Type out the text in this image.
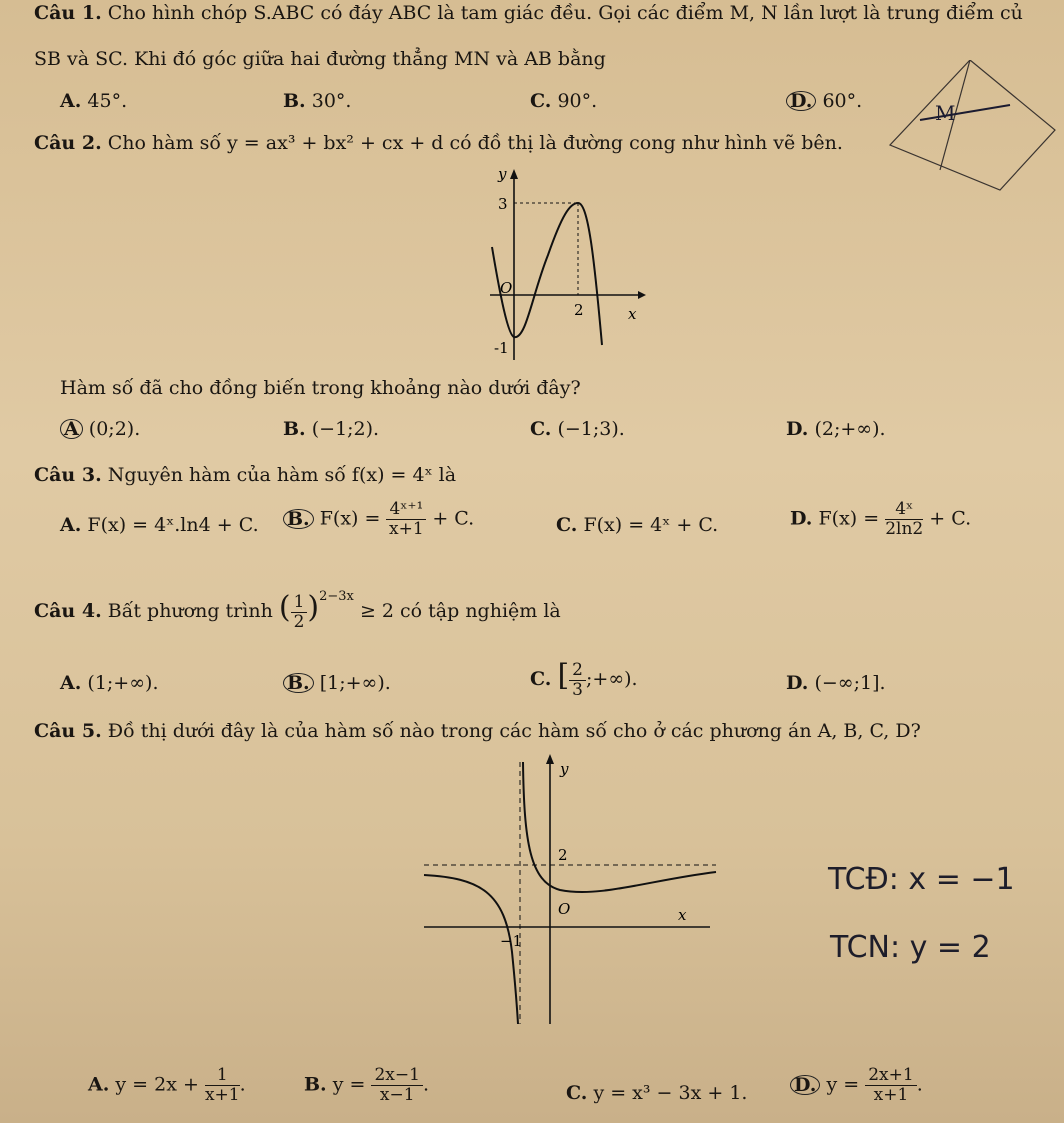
Câu 1. Cho hình chóp S.ABC có đáy ABC là tam giác đều. Gọi các điểm M, N lần lượt là trung điểm củ
SB và SC. Khi đó góc giữa hai đường thẳng MN và AB bằng
A. 45°.	B. 30°.	C. 90°.	D. 60°.	M
Câu 2. Cho hàm số y = ax³ + bx² + cx + d có đồ thị là đường cong như hình vẽ bên.
y
x
O
3
-1
2
Hàm số đã cho đồng biến trong khoảng nào dưới đây?
A (0;2).	B. (−1;2).	C. (−1;3).	D. (2;+∞).
Câu 3. Nguyên hàm của hàm số f(x) = 4ˣ là
A. F(x) = 4ˣ.ln4 + C. B. $F(x) = \frac{\text{4ˣ⁺¹}}{x+1} + C$.	C. F(x) = 4ˣ + C.	D. $F(x) = \frac{\text{4ˣ}}{2\ln 2} + C$.
Câu 4. Bất phương trình ( $\frac{1}{2} )^{2-3x} \ge 2$ có tập nghiệm là
A. (1;+∞).	B. [1;+∞).	C. [ $\frac{2}{3}$ ;+∞).	D. (−∞;1].
Câu 5. Đồ thị dưới đây là của hàm số nào trong các hàm số cho ở các phương án A, B, C, D?
y
x
O
2
−1
TCĐ: x = −1
TCN: y = 2
A. $y = 2x + \frac{1}{x+1}$ .	B. $y = \frac{2x-1}{x-1}$ .	C. y = x³ − 3x + 1. D. $y = \frac{2x+1}{x+1}$ .
